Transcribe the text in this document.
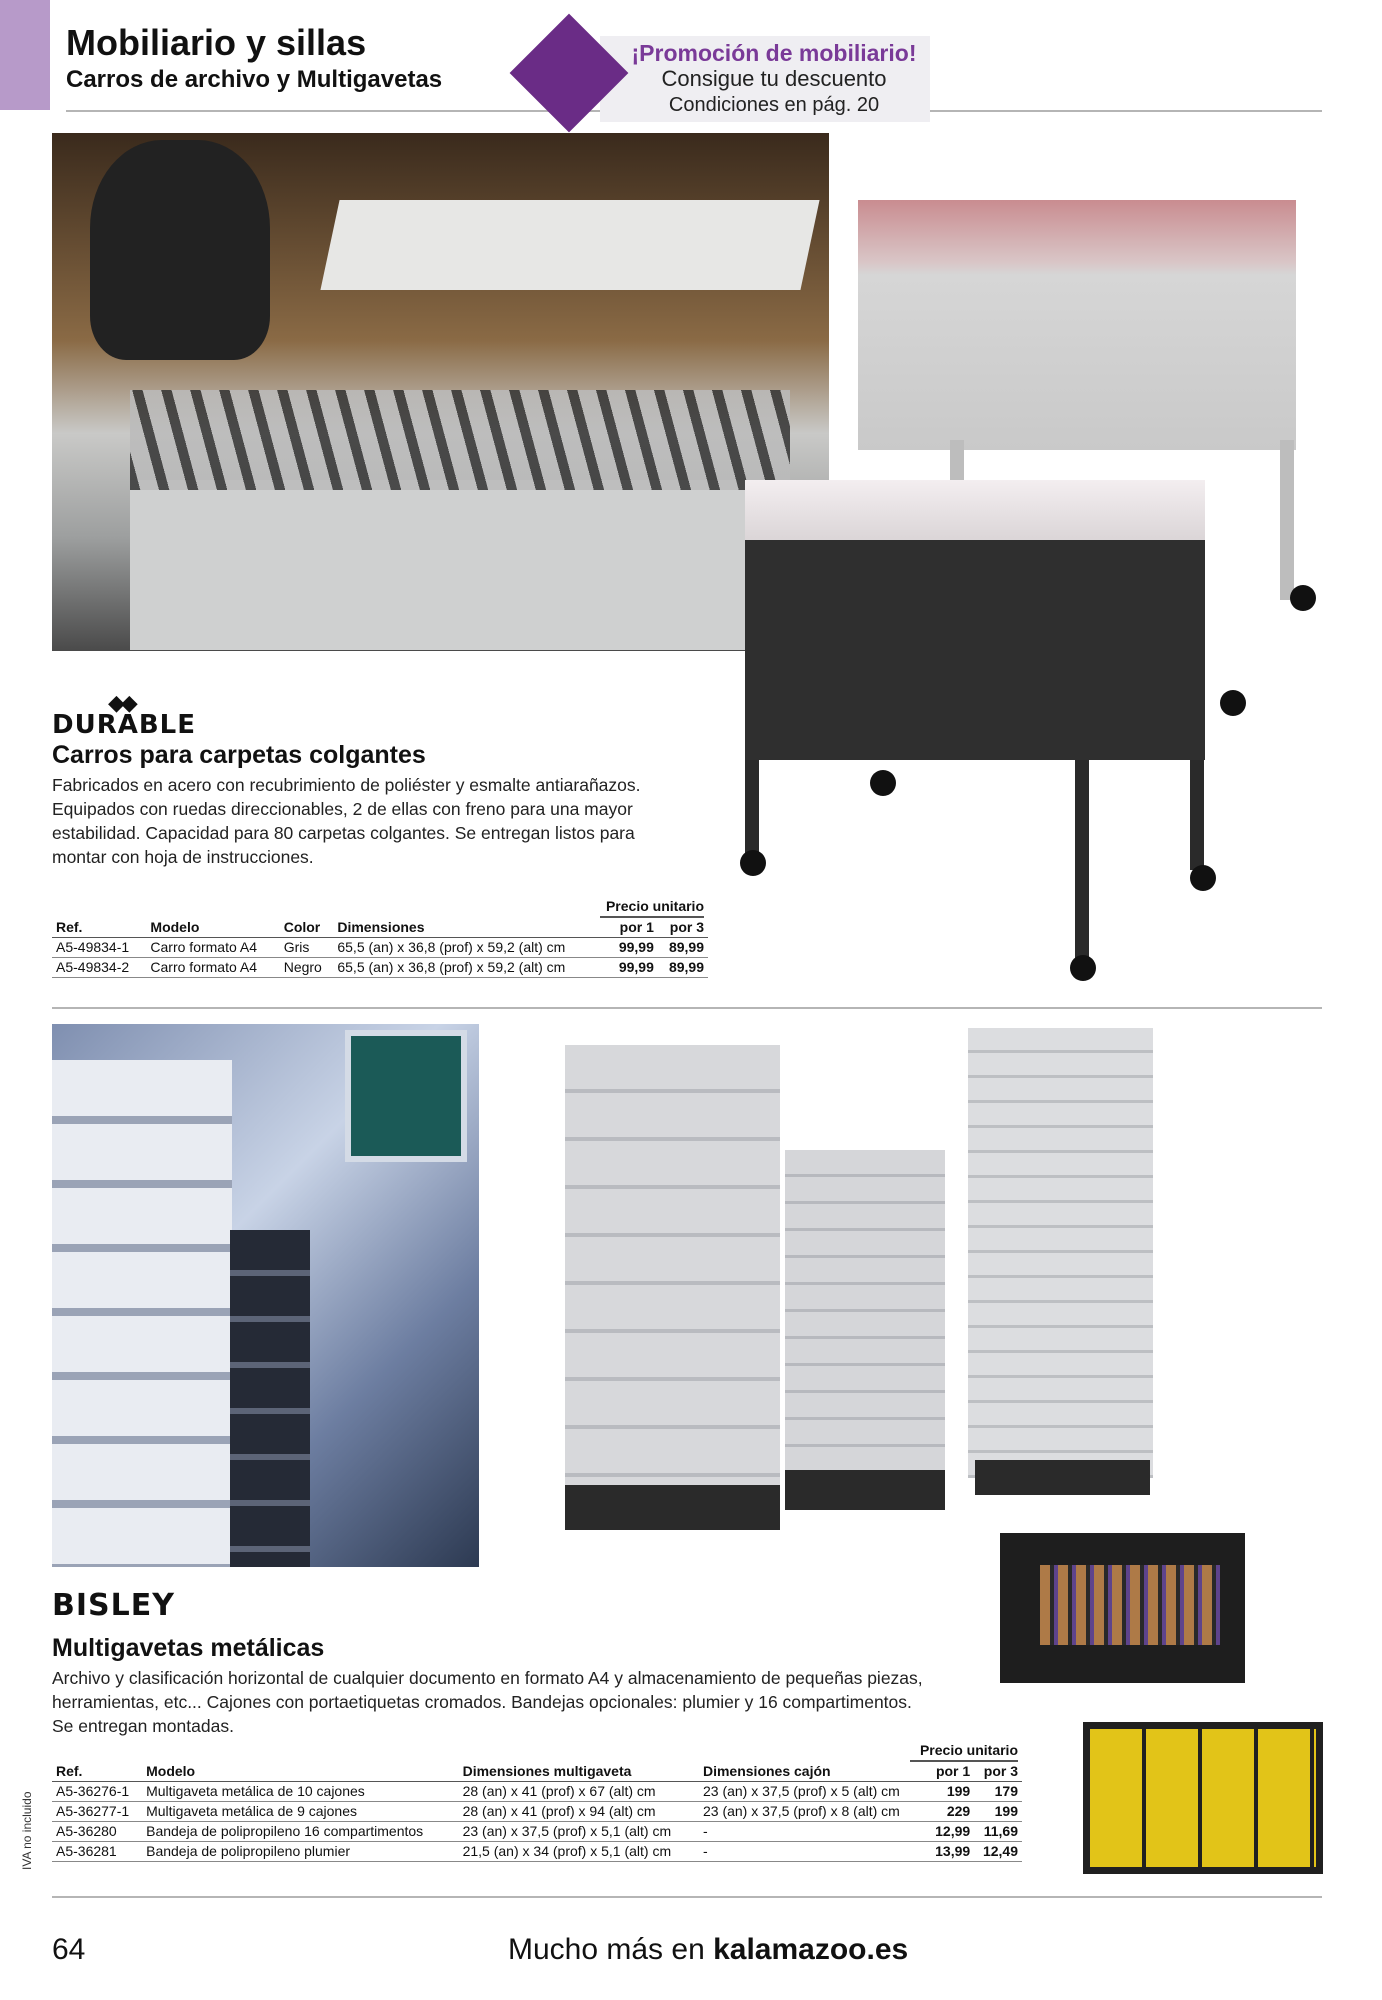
Mobiliario y sillas
Carros de archivo y Multigavetas
¡Promoción de mobiliario!
Consigue tu descuento
Condiciones en pág. 20
◆◆
DURABLE
Carros para carpetas colgantes
Fabricados en acero con recubrimiento de poliéster y esmalte antiarañazos.
Equipados con ruedas direccionables, 2 de ellas con freno para una mayor
estabilidad. Capacidad para 80 carpetas colgantes. Se entregan listos para
montar con hoja de instrucciones.
Precio unitario
Ref.	Modelo	Color	Dimensiones	por 1	por 3
A5-49834-1	Carro formato A4	Gris	65,5 (an) x 36,8 (prof) x 59,2 (alt) cm	99,99	89,99
A5-49834-2	Carro formato A4	Negro	65,5 (an) x 36,8 (prof) x 59,2 (alt) cm	99,99	89,99
BISLEY
Multigavetas metálicas
Archivo y clasificación horizontal de cualquier documento en formato A4 y almacenamiento de pequeñas piezas,
herramientas, etc... Cajones con portaetiquetas cromados. Bandejas opcionales: plumier y 16 compartimentos.
Se entregan montadas.
Precio unitario
Ref.	Modelo	Dimensiones multigaveta	Dimensiones cajón	por 1	por 3
A5-36276-1	Multigaveta metálica de 10 cajones	28 (an) x 41 (prof) x 67 (alt) cm	23 (an) x 37,5 (prof) x 5 (alt) cm	199	179
A5-36277-1	Multigaveta metálica de 9 cajones	28 (an) x 41 (prof) x 94 (alt) cm	23 (an) x 37,5 (prof) x 8 (alt) cm	229	199
A5-36280	Bandeja de polipropileno 16 compartimentos	23 (an) x 37,5 (prof) x 5,1 (alt) cm	-	12,99	11,69
A5-36281	Bandeja de polipropileno plumier	21,5 (an) x 34 (prof) x 5,1 (alt) cm	-	13,99	12,49
IVA no incluido
64	Mucho más en kalamazoo.es
